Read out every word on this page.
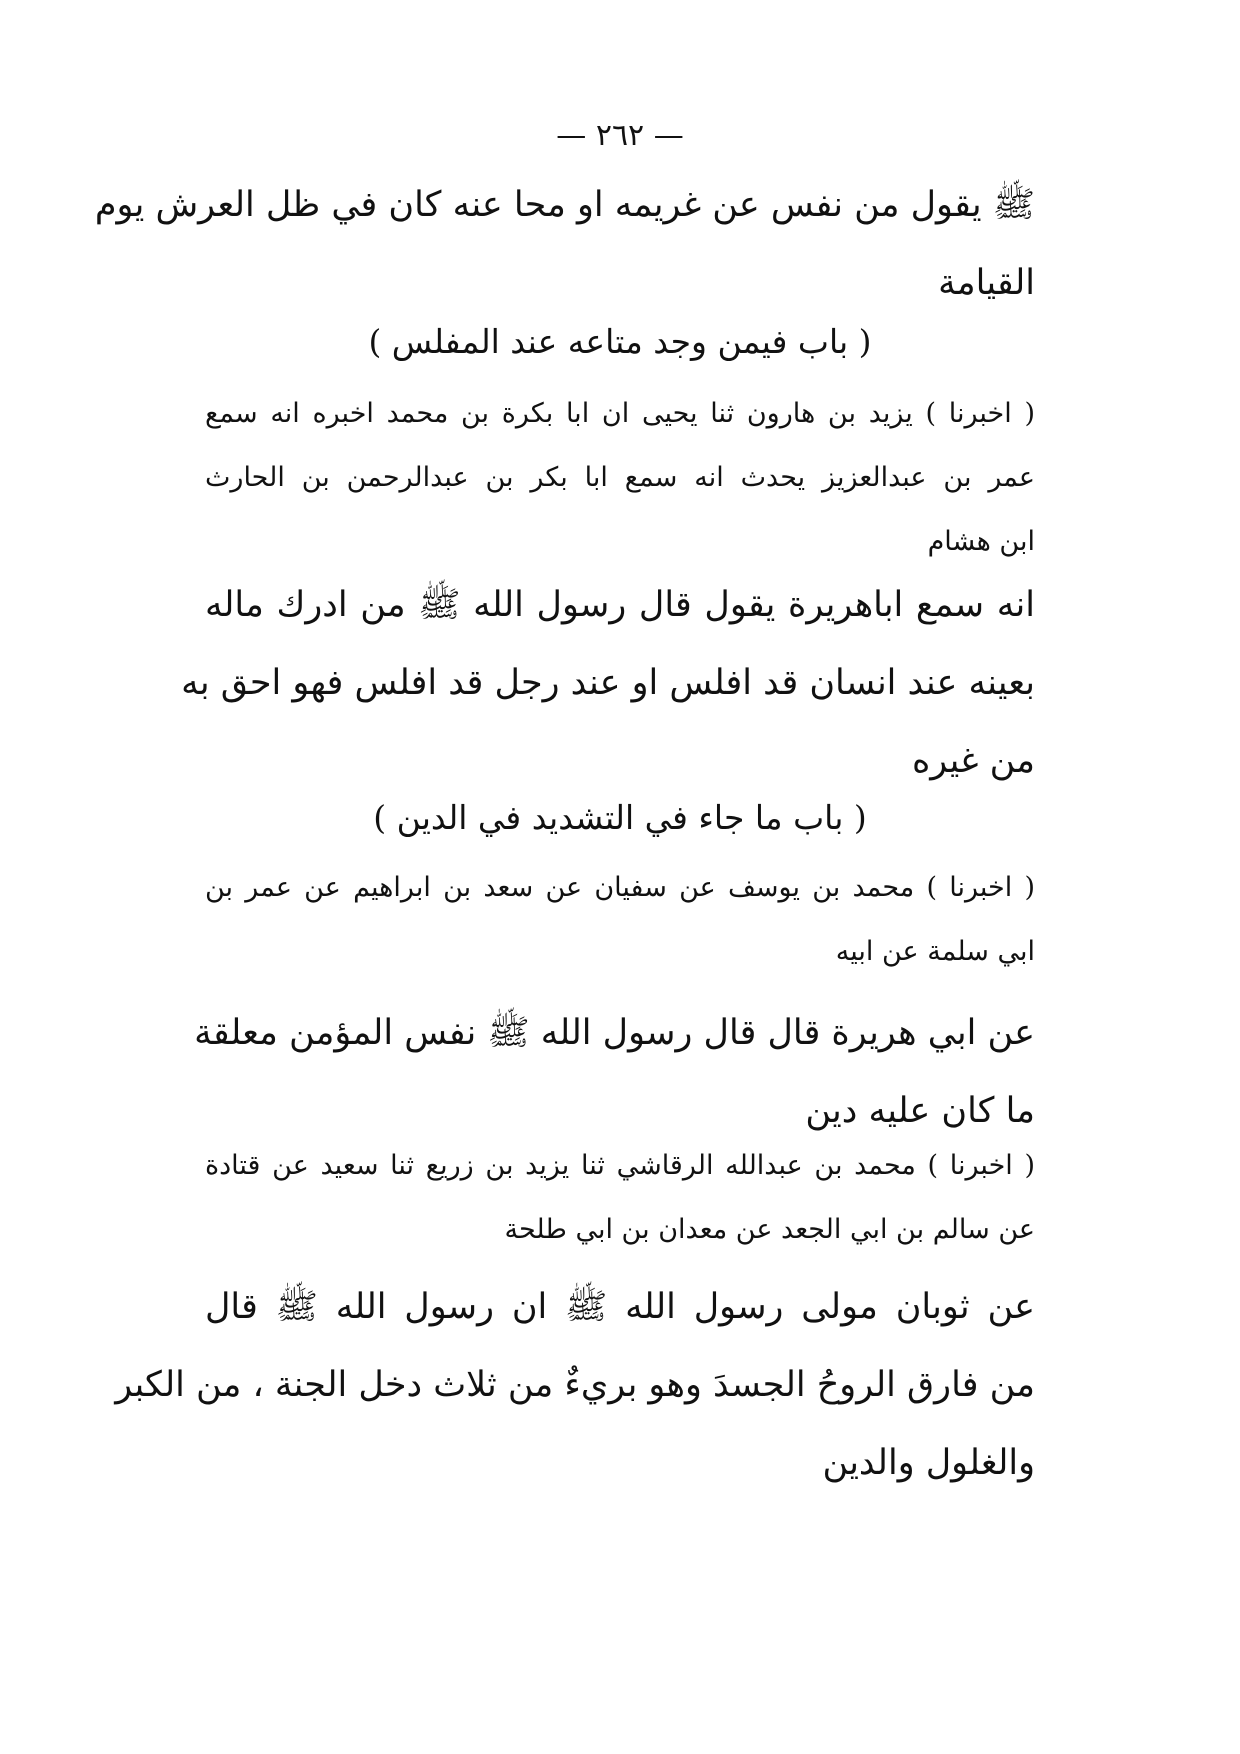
— ٢٦٢ —
ﷺ يقول من نفس عن غريمه او محا عنه كان في ظل العرش يوم
القيامة
( باب فيمن وجد متاعه عند المفلس )
( اخبرنا ) يزيد بن هارون ثنا يحيى ان ابا بكرة بن محمد اخبره انه سمع
عمر بن عبدالعزيز يحدث انه سمع ابا بكر بن عبدالرحمن بن الحارث
ابن هشام
انه سمع اباهريرة يقول قال رسول الله ﷺ من ادرك ماله
بعينه عند انسان قد افلس او عند رجل قد افلس فهو احق به
من غيره
( باب ما جاء في التشديد في الدين )
( اخبرنا ) محمد بن يوسف عن سفيان عن سعد بن ابراهيم عن عمر بن
ابي سلمة عن ابيه
عن ابي هريرة قال قال رسول الله ﷺ نفس المؤمن معلقة
ما كان عليه دين
( اخبرنا ) محمد بن عبدالله الرقاشي ثنا يزيد بن زريع ثنا سعيد عن قتادة
عن سالم بن ابي الجعد عن معدان بن ابي طلحة
عن ثوبان مولى رسول الله ﷺ ان رسول الله ﷺ قال
من فارق الروحُ الجسدَ وهو بريءٌ من ثلاث دخل الجنة ، من الكبر
والغلول والدين
